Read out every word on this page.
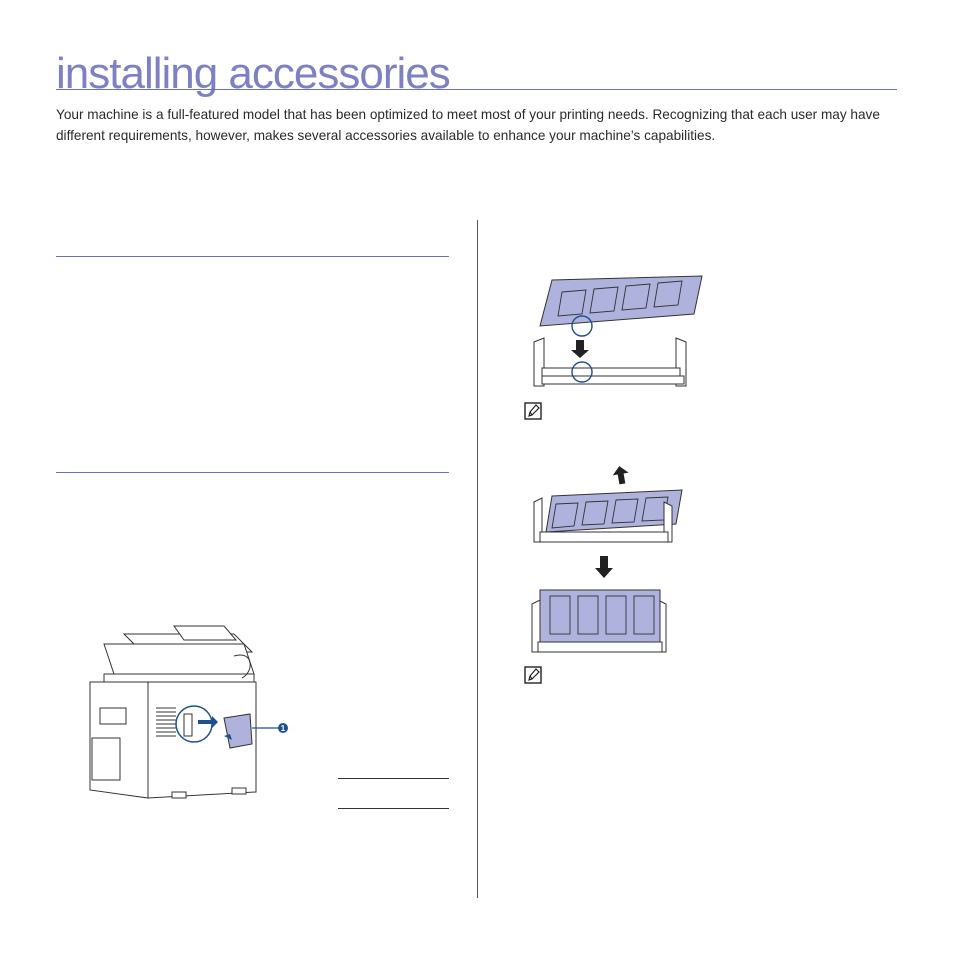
installing accessories

Your machine is a full-featured model that has been optimized to meet most of your printing needs. Recognizing that each user may have different requirements, however, makes several accessories available to enhance your machine’s capabilities.

1
